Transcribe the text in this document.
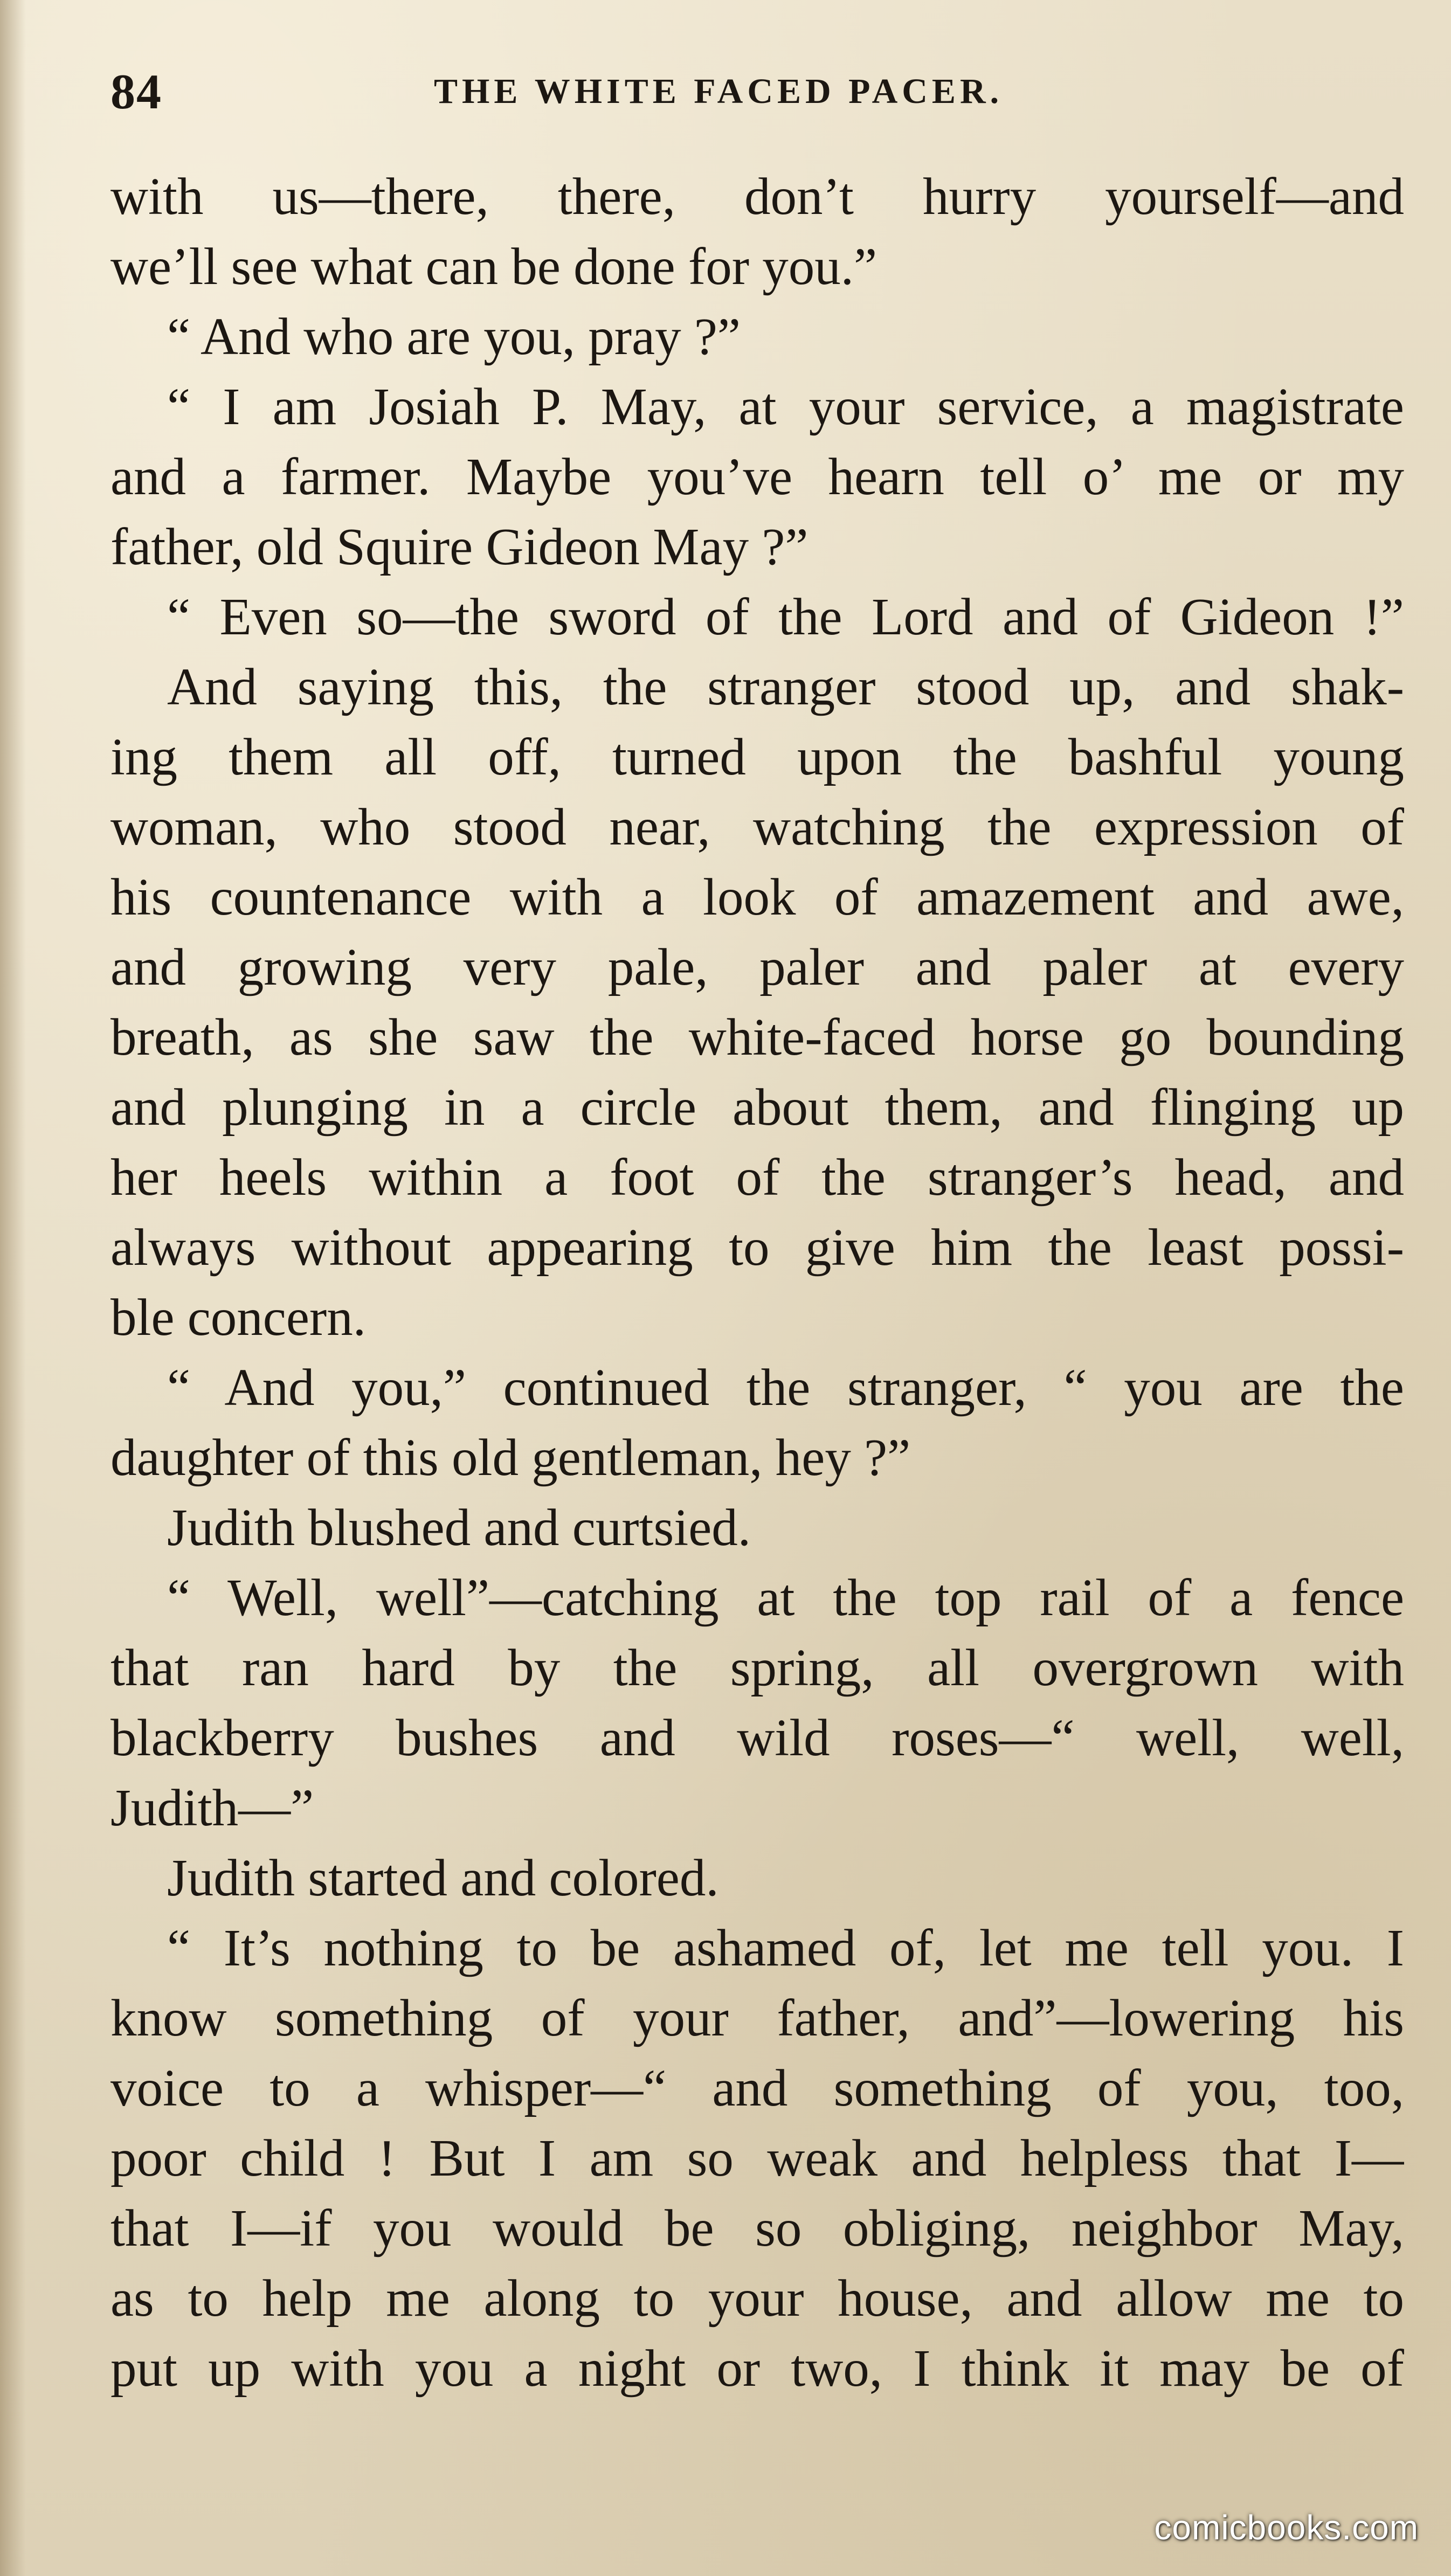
84	THE WHITE FACED PACER.
with us—there, there, don’t hurry yourself—and
we’ll see what can be done for you.”
“ And who are you, pray ?”
“ I am Josiah P. May, at your service, a magistrate
and a farmer. Maybe you’ve hearn tell o’ me or my
father, old Squire Gideon May ?”
“ Even so—the sword of the Lord and of Gideon !”
And saying this, the stranger stood up, and shak-
ing them all off, turned upon the bashful young
woman, who stood near, watching the expression of
his countenance with a look of amazement and awe,
and growing very pale, paler and paler at every
breath, as she saw the white-faced horse go bounding
and plunging in a circle about them, and flinging up
her heels within a foot of the stranger’s head, and
always without appearing to give him the least possi-
ble concern.
“ And you,” continued the stranger, “ you are the
daughter of this old gentleman, hey ?”
Judith blushed and curtsied.
“ Well, well”—catching at the top rail of a fence
that ran hard by the spring, all overgrown with
blackberry bushes and wild roses—“ well, well,
Judith—”
Judith started and colored.
“ It’s nothing to be ashamed of, let me tell you. I
know something of your father, and”—lowering his
voice to a whisper—“ and something of you, too,
poor child ! But I am so weak and helpless that I—
that I—if you would be so obliging, neighbor May,
as to help me along to your house, and allow me to
put up with you a night or two, I think it may be of
comicbooks.com
